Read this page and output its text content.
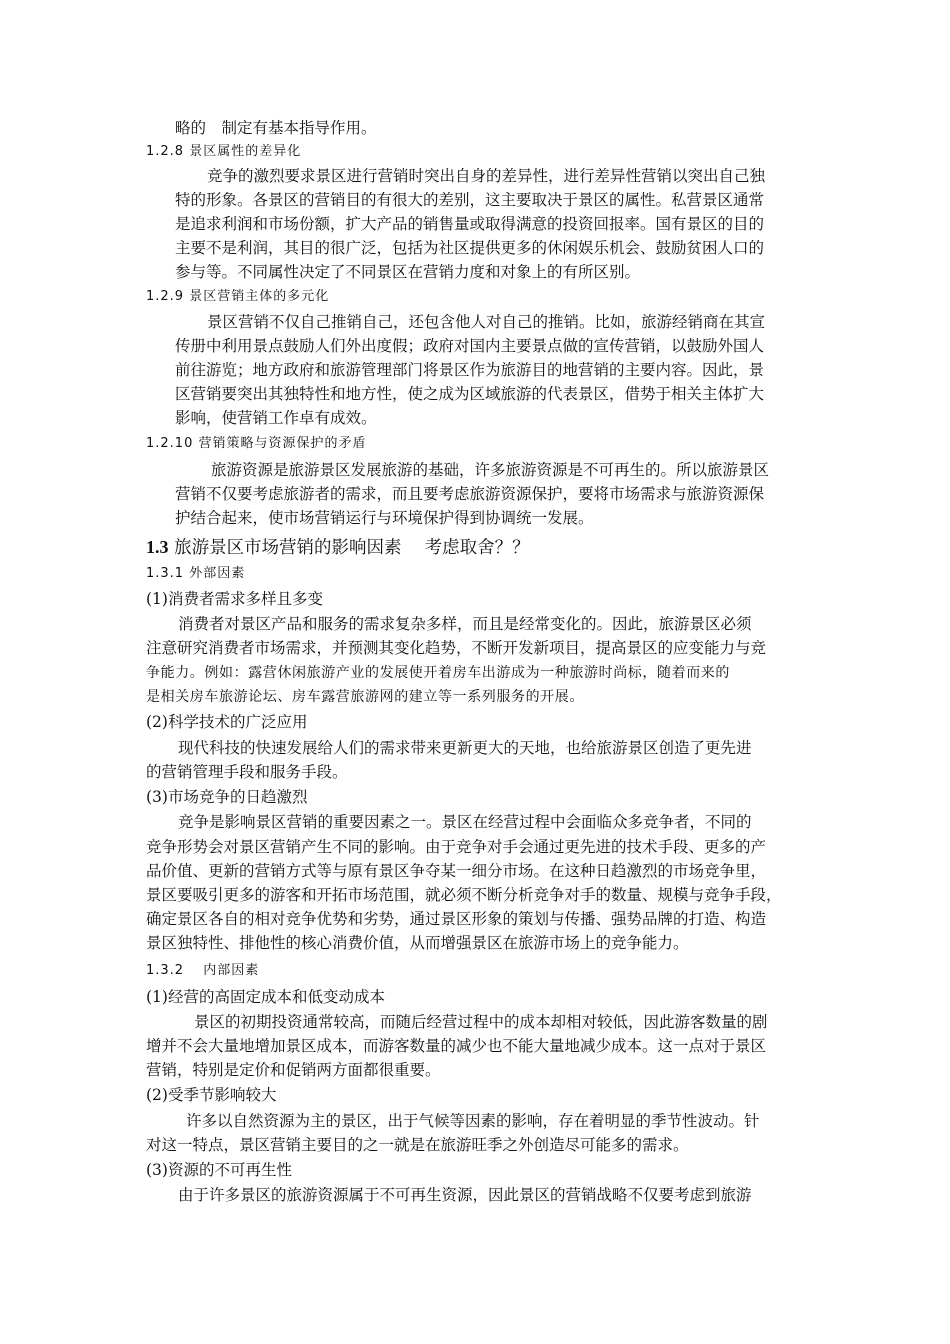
略的　制定有基本指导作用。
1.2.8 景区属性的差异化
竞争的激烈要求景区进行营销时突出自身的差异性，进行差异性营销以突出自己独
特的形象。各景区的营销目的有很大的差别，这主要取决于景区的属性。私营景区通常
是追求利润和市场份额，扩大产品的销售量或取得满意的投资回报率。国有景区的目的
主要不是利润，其目的很广泛，包括为社区提供更多的休闲娱乐机会、鼓励贫困人口的
参与等。不同属性决定了不同景区在营销力度和对象上的有所区别。
1.2.9 景区营销主体的多元化
景区营销不仅自己推销自己，还包含他人对自己的推销。比如，旅游经销商在其宣
传册中利用景点鼓励人们外出度假；政府对国内主要景点做的宣传营销，以鼓励外国人
前往游览；地方政府和旅游管理部门将景区作为旅游目的地营销的主要内容。因此，景
区营销要突出其独特性和地方性，使之成为区域旅游的代表景区，借势于相关主体扩大
影响，使营销工作卓有成效。
1.2.10 营销策略与资源保护的矛盾
旅游资源是旅游景区发展旅游的基础，许多旅游资源是不可再生的。所以旅游景区
营销不仅要考虑旅游者的需求，而且要考虑旅游资源保护，要将市场需求与旅游资源保
护结合起来，使市场营销运行与环境保护得到协调统一发展。
1.3 旅游景区市场营销的影响因素　 考虑取舍？？
1.3.1 外部因素
(1)消费者需求多样且多变
消费者对景区产品和服务的需求复杂多样，而且是经常变化的。因此，旅游景区必须
注意研究消费者市场需求，并预测其变化趋势，不断开发新项目，提高景区的应变能力与竞
争能力。例如：露营休闲旅游产业的发展使开着房车出游成为一种旅游时尚标，随着而来的
是相关房车旅游论坛、房车露营旅游网的建立等一系列服务的开展。
(2)科学技术的广泛应用
现代科技的快速发展给人们的需求带来更新更大的天地，也给旅游景区创造了更先进
的营销管理手段和服务手段。
(3)市场竞争的日趋激烈
竞争是影响景区营销的重要因素之一。景区在经营过程中会面临众多竞争者，不同的
竞争形势会对景区营销产生不同的影响。由于竞争对手会通过更先进的技术手段、更多的产
品价值、更新的营销方式等与原有景区争夺某一细分市场。在这种日趋激烈的市场竞争里，
景区要吸引更多的游客和开拓市场范围，就必须不断分析竞争对手的数量、规模与竞争手段，
确定景区各自的相对竞争优势和劣势，通过景区形象的策划与传播、强势品牌的打造、构造
景区独特性、排他性的核心消费价值，从而增强景区在旅游市场上的竞争能力。
1.3.2　 内部因素
(1)经营的高固定成本和低变动成本
景区的初期投资通常较高，而随后经营过程中的成本却相对较低，因此游客数量的剧
增并不会大量地增加景区成本，而游客数量的减少也不能大量地减少成本。这一点对于景区
营销，特别是定价和促销两方面都很重要。
(2)受季节影响较大
许多以自然资源为主的景区，出于气候等因素的影响，存在着明显的季节性波动。针
对这一特点，景区营销主要目的之一就是在旅游旺季之外创造尽可能多的需求。
(3)资源的不可再生性
由于许多景区的旅游资源属于不可再生资源，因此景区的营销战略不仅要考虑到旅游
